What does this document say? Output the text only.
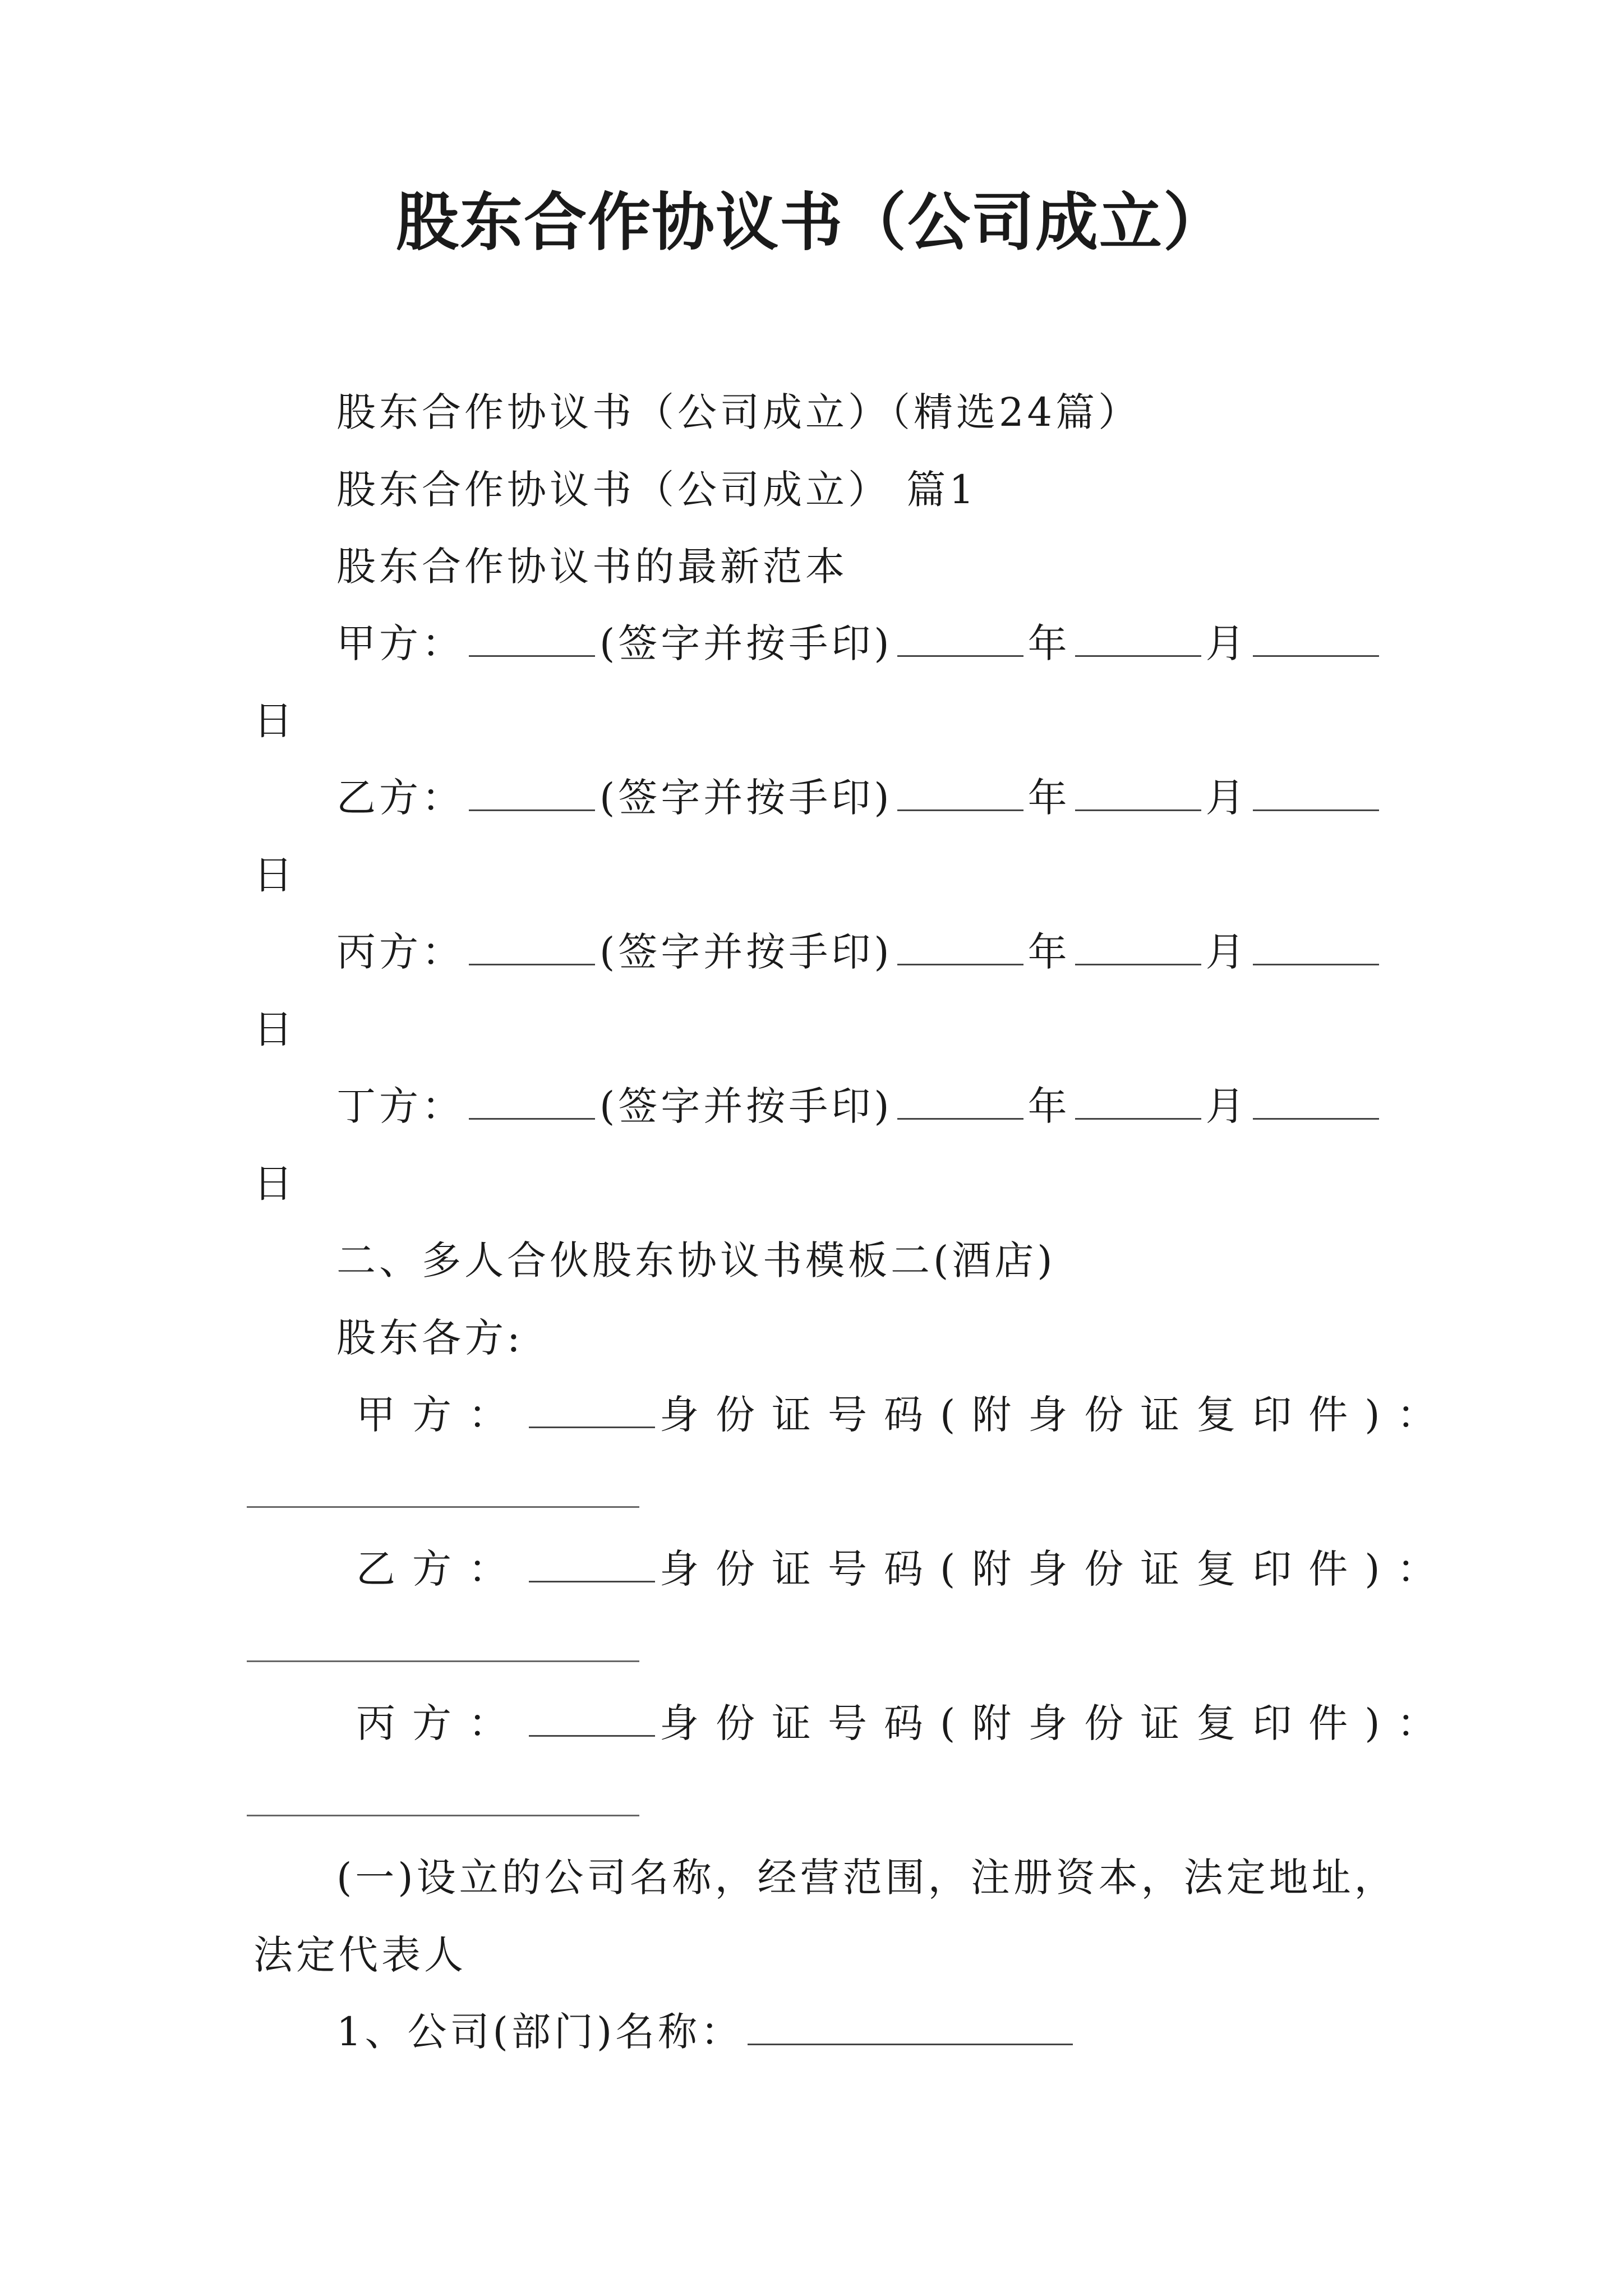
股东合作协议书（公司成立）
股东合作协议书（公司成立）（精选24篇）
股东合作协议书（公司成立） 篇1
股东合作协议书的最新范本
甲方：	(签字并按手印)	年	月
日
乙方：	(签字并按手印)	年	月
日
丙方：	(签字并按手印)	年	月
日
丁方：	(签字并按手印)	年	月
日
二、多人合伙股东协议书模板二(酒店)
股东各方:
甲方：	身份证号码(附身份证复印件)：
乙方：	身份证号码(附身份证复印件)：
丙方：	身份证号码(附身份证复印件)：
(一)设立的公司名称，经营范围，注册资本，法定地址，
法定代表人
1、公司(部门)名称：
